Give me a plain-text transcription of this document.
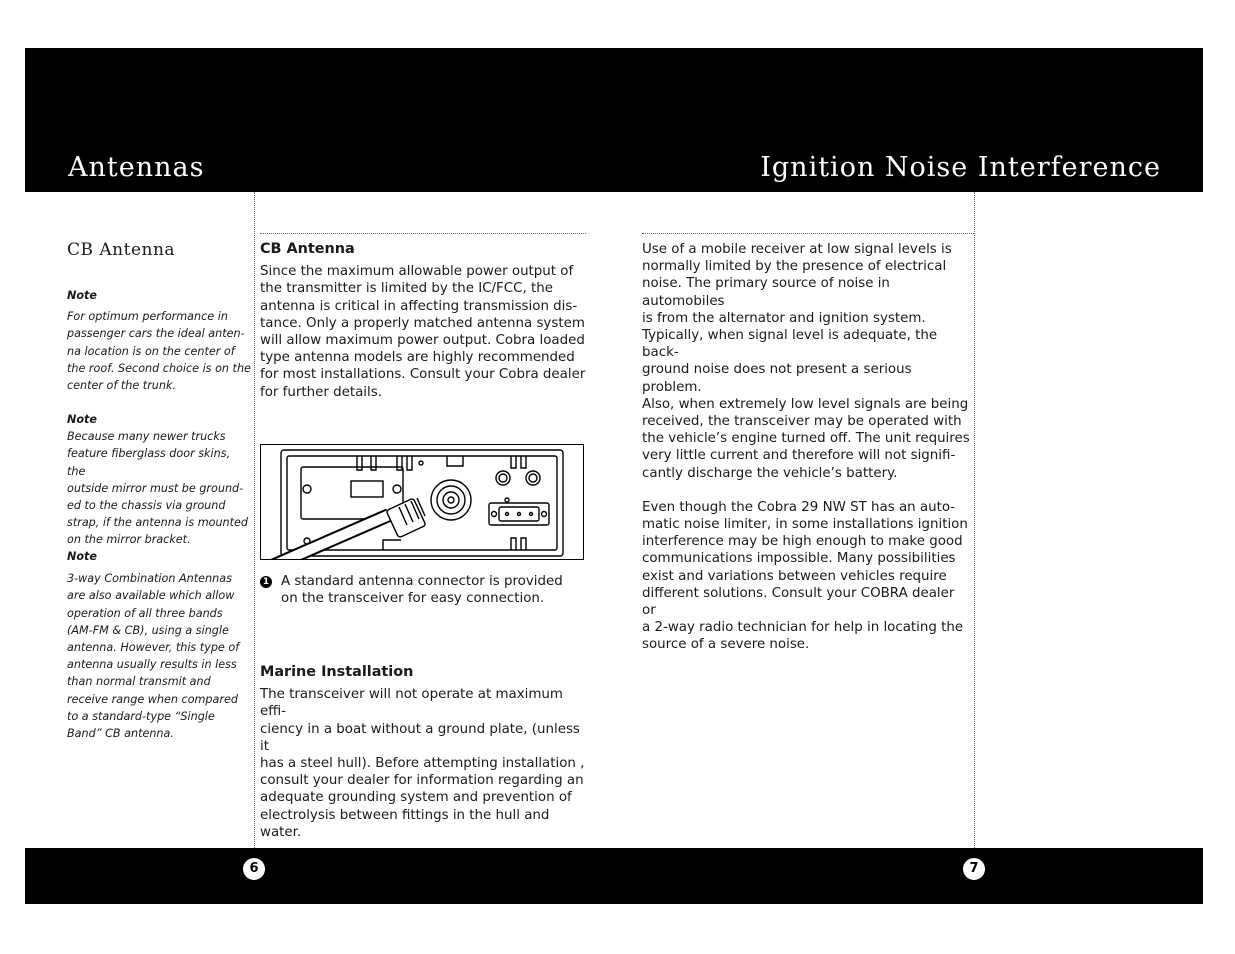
Antennas	Ignition Noise Interference
CB Antenna

Note

For optimum performance in
passenger cars the ideal anten-
na location is on the center of
the roof. Second choice is on the
center of the trunk.

Note

Because many newer trucks
feature fiberglass door skins, the
outside mirror must be ground-
ed to the chassis via ground
strap, if the antenna is mounted
on the mirror bracket.

Note

3-way Combination Antennas
are also available which allow
operation of all three bands
(AM-FM & CB), using a single
antenna. However, this type of
antenna usually results in less
than normal transmit and
receive range when compared
to a standard-type “Single
Band” CB antenna.

CB Antenna

Since the maximum allowable power output of
the transmitter is limited by the IC/FCC, the
antenna is critical in affecting transmission dis-
tance. Only a properly matched antenna system
will allow maximum power output. Cobra loaded
type antenna models are highly recommended
for most installations. Consult your Cobra dealer
for further details.

1 A standard antenna connector is provided
on the transceiver for easy connection.

Marine Installation

The transceiver will not operate at maximum effi-
ciency in a boat without a ground plate, (unless it
has a steel hull). Before attempting installation ,
consult your dealer for information regarding an
adequate grounding system and prevention of
electrolysis between fittings in the hull and water.

Use of a mobile receiver at low signal levels is
normally limited by the presence of electrical
noise. The primary source of noise in automobiles
is from the alternator and ignition system.
Typically, when signal level is adequate, the back-
ground noise does not present a serious problem.
Also, when extremely low level signals are being
received, the transceiver may be operated with
the vehicle’s engine turned off. The unit requires
very little current and therefore will not signifi-
cantly discharge the vehicle’s battery.

Even though the Cobra 29 NW ST has an auto-
matic noise limiter, in some installations ignition
interference may be high enough to make good
communications impossible. Many possibilities
exist and variations between vehicles require
different solutions. Consult your COBRA dealer or
a 2-way radio technician for help in locating the
source of a severe noise.

6	7
